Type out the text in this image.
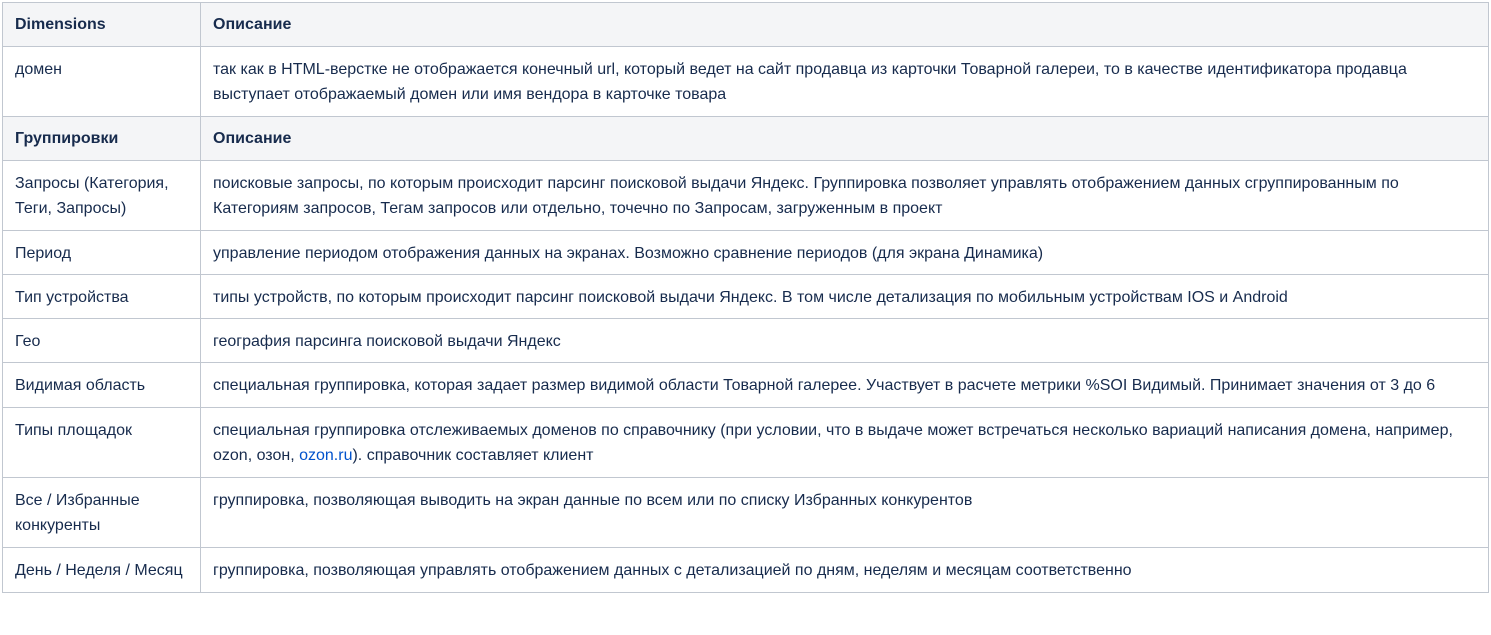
Dimensions	Описание
домен	так как в HTML-верстке не отображается конечный url, который ведет на сайт продавца из карточки Товарной галереи, то в качестве идентификатора продавца выступает отображаемый домен или имя вендора в карточке товара
Группировки	Описание
Запросы (Категория, Теги, Запросы)	поисковые запросы, по которым происходит парсинг поисковой выдачи Яндекс. Группировка позволяет управлять отображением данных сгруппированным по Категориям запросов, Тегам запросов или отдельно, точечно по Запросам, загруженным в проект
Период	управление периодом отображения данных на экранах. Возможно сравнение периодов (для экрана Динамика)
Тип устройства	типы устройств, по которым происходит парсинг поисковой выдачи Яндекс. В том числе детализация по мобильным устройствам IOS и Android
Гео	география парсинга поисковой выдачи Яндекс
Видимая область	специальная группировка, которая задает размер видимой области Товарной галерее. Участвует в расчете метрики %SOI Видимый. Принимает значения от 3 до 6
Типы площадок	специальная группировка отслеживаемых доменов по справочнику (при условии, что в выдаче может встречаться несколько вариаций написания домена, например, ozon, озон, ozon.ru). справочник составляет клиент
Все / Избранные конкуренты	группировка, позволяющая выводить на экран данные по всем или по списку Избранных конкурентов
День / Неделя / Месяц	группировка, позволяющая управлять отображением данных с детализацией по дням, неделям и месяцам соответственно
